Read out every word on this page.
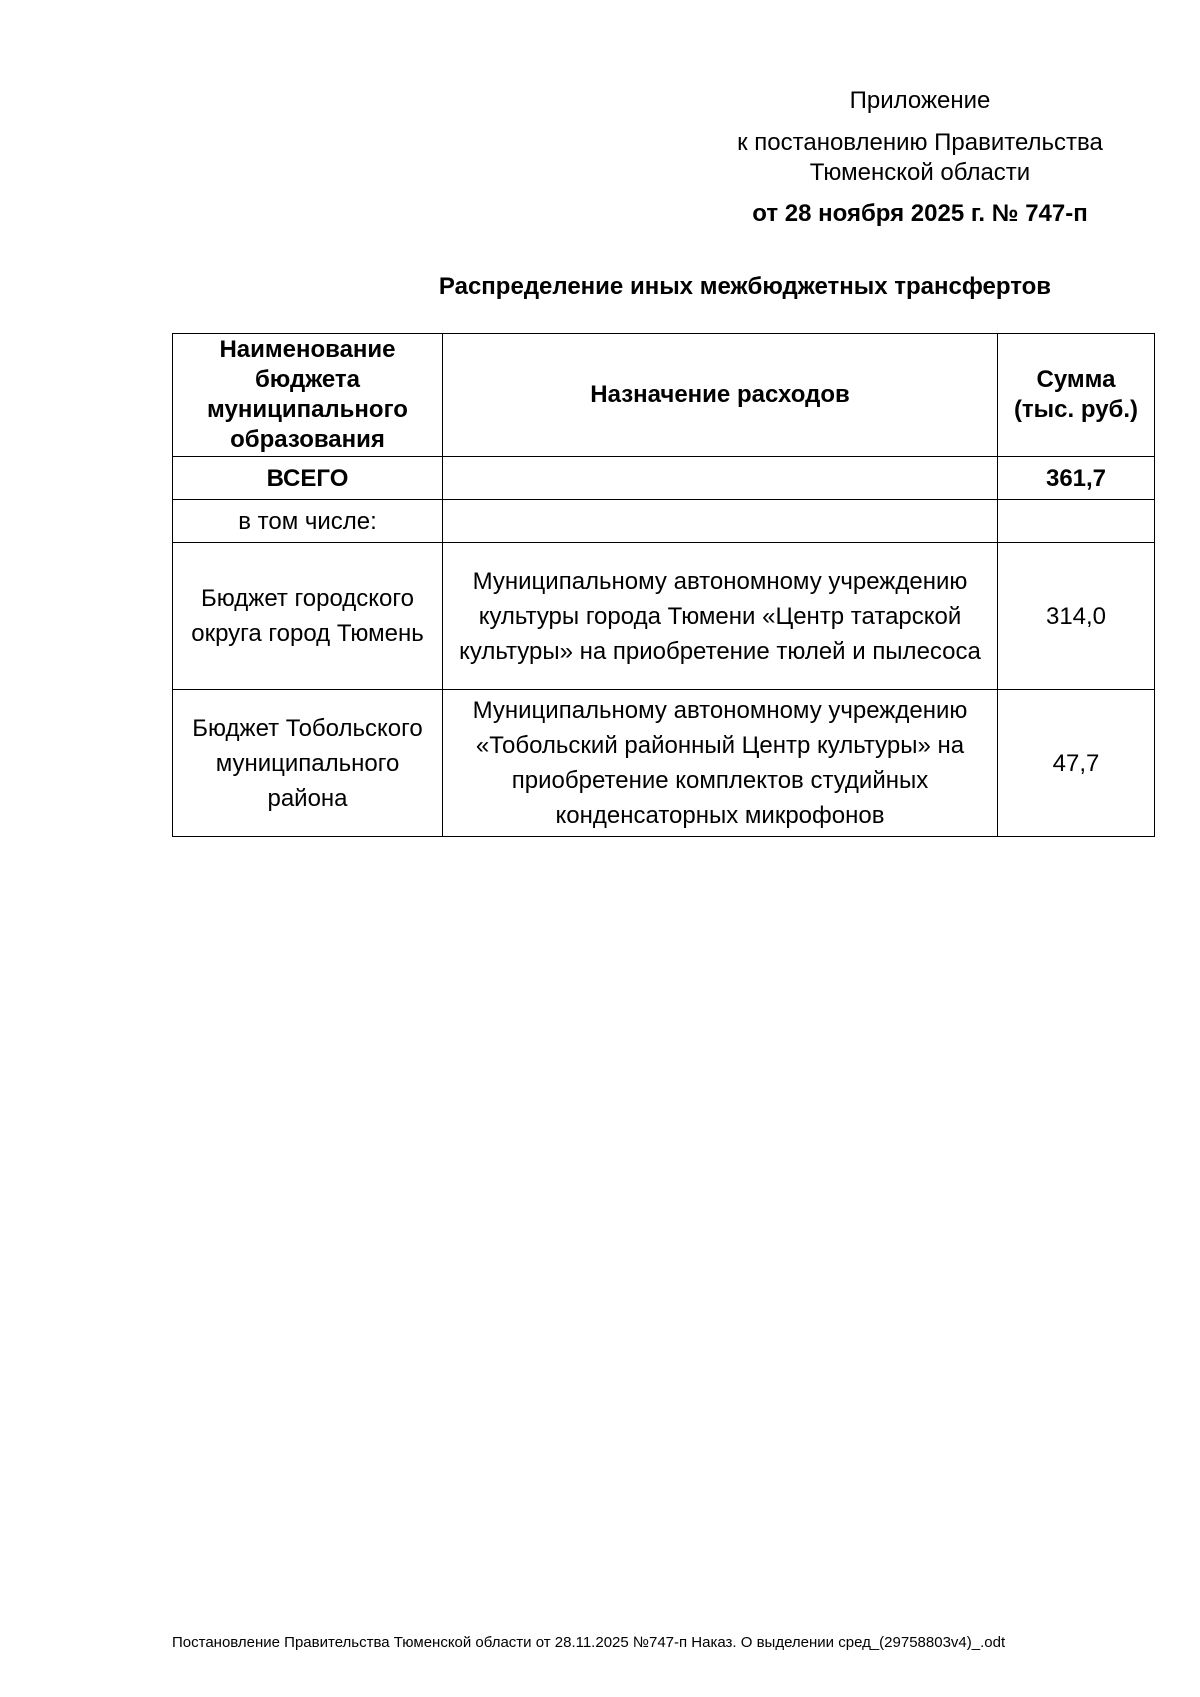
Приложение

к постановлению Правительства

Тюменской области

от 28 ноября 2025 г. № 747-п

Распределение иных межбюджетных трансфертов
Наименование бюджета муниципального образования	Назначение расходов	Сумма (тыс. руб.)
ВСЕГО		361,7
в том числе:		
Бюджет городского округа город Тюмень	Муниципальному автономному учреждению культуры города Тюмени «Центр татарской культуры» на приобретение тюлей и пылесоса	314,0
Бюджет Тобольского муниципального района	Муниципальному автономному учреждению «Тобольский районный Центр культуры» на приобретение комплектов студийных конденсаторных микрофонов	47,7

Постановление Правительства Тюменской области от 28.11.2025 №747-п Наказ. О выделении сред_(29758803v4)_.odt
